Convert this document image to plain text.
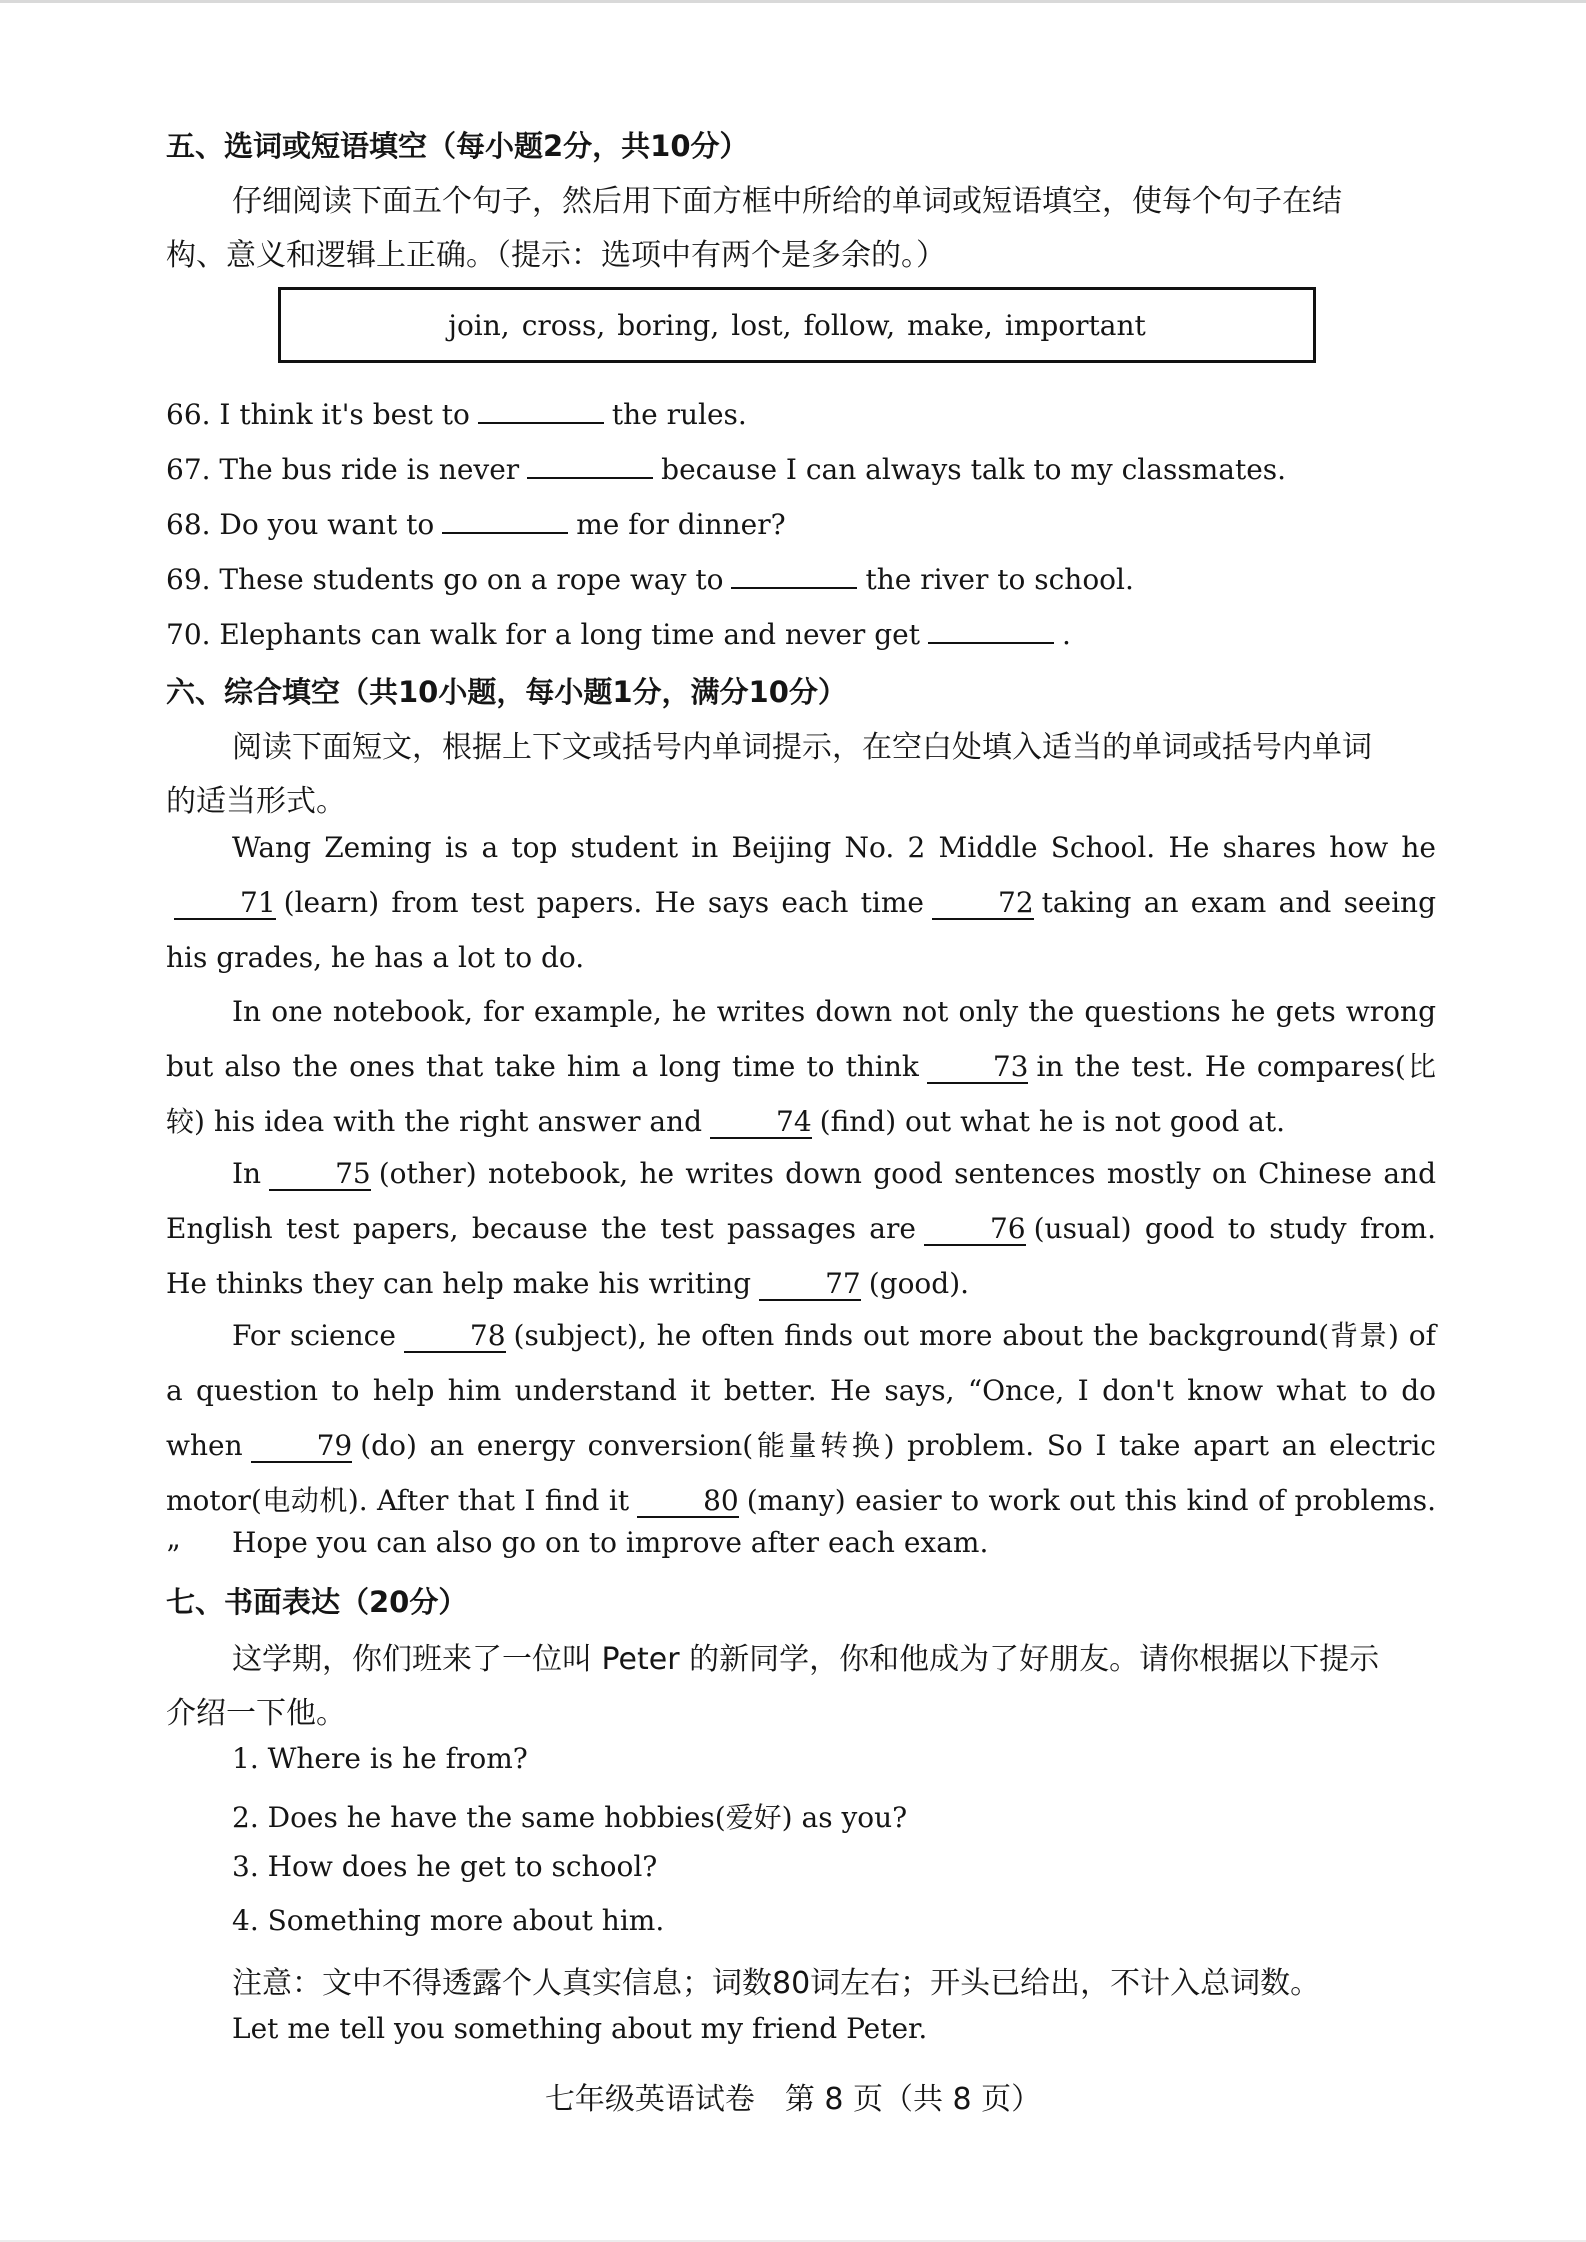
五、选词或短语填空（每小题2分，共10分）
仔细阅读下面五个句子，然后用下面方框中所给的单词或短语填空，使每个句子在结
构、意义和逻辑上正确。（提示：选项中有两个是多余的。）
join, cross, boring, lost, follow, make, important
66. I think it's best to	the rules.
67. The bus ride is never	because I can always talk to my classmates.
68. Do you want to	me for dinner?
69. These students go on a rope way to	the river to school.
70. Elephants can walk for a long time and never get	.
六、综合填空（共10小题，每小题1分，满分10分）
阅读下面短文，根据上下文或括号内单词提示，在空白处填入适当的单词或括号内单词
的适当形式。
Wang Zeming is a top student in Beijing No. 2 Middle School. He shares how he71 (learn) from test papers. He says each time	72 taking an exam and seeing his grades, he has a lot to do.
In one notebook, for example, he writes down not only the questions he gets wrong but also the ones that take him a long time to think	73 in the test. He compares(比较) his idea with the right answer and	74 (find) out what he is not good at.
In	75 (other) notebook, he writes down good sentences mostly on Chinese and English test papers, because the test passages are	76 (usual) good to study from. He thinks they can help make his writing	77 (good).
For science	78 (subject), he often finds out more about the background(背景) of a question to help him understand it better. He says, “Once, I don't know what to do when	79 (do) an energy conversion(能量转换) problem. So I take apart an electric motor(电动机). After that I find it	80 (many) easier to work out this kind of problems. ”	Hope you can also go on to improve after each exam.
七、书面表达（20分）
这学期，你们班来了一位叫 Peter 的新同学，你和他成为了好朋友。请你根据以下提示
介绍一下他。
1. Where is he from?
2. Does he have the same hobbies(爱好) as you?
3. How does he get to school?
4. Something more about him.
注意：文中不得透露个人真实信息；词数80词左右；开头已给出，不计入总词数。
Let me tell you something about my friend Peter.
七年级英语试卷　第 8 页（共 8 页）
